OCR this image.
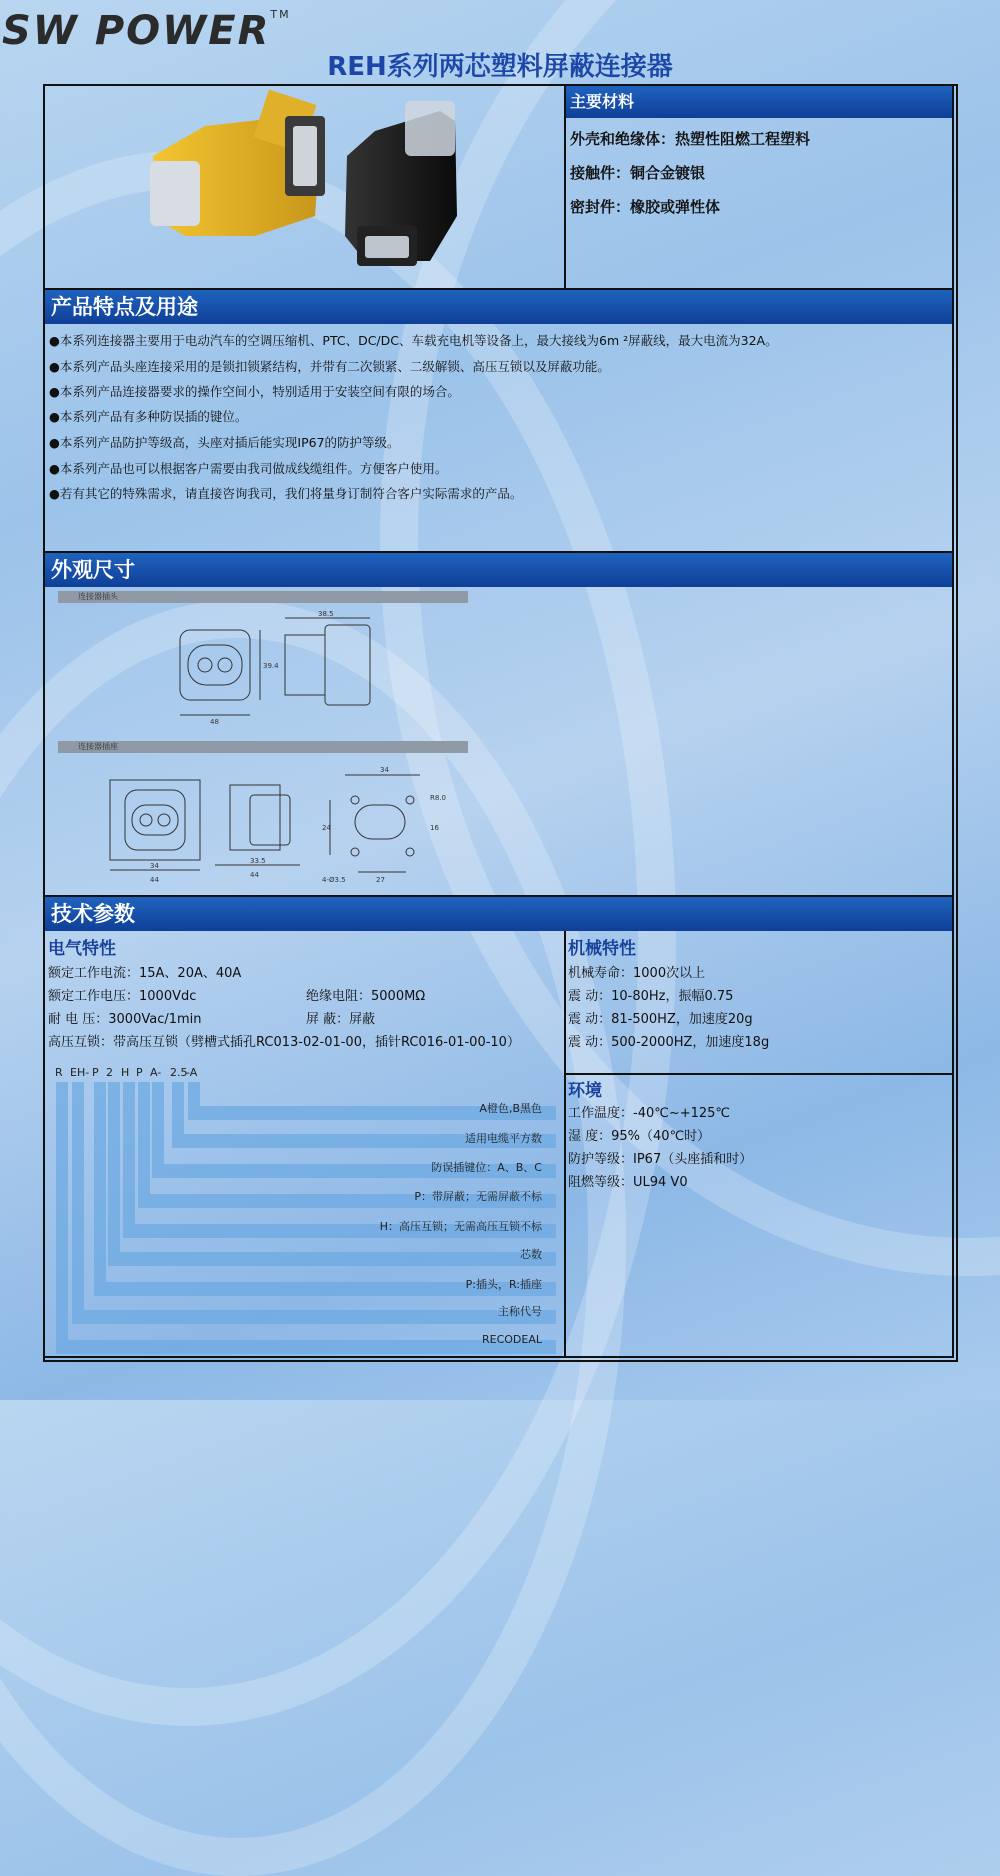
SW POWER™
REH系列两芯塑料屏蔽连接器
主要材料
外壳和绝缘体：热塑性阻燃工程塑料
接触件：铜合金镀银
密封件：橡胶或弹性体
产品特点及用途
●本系列连接器主要用于电动汽车的空调压缩机、PTC、DC/DC、车载充电机等设备上，最大接线为6m ²屏蔽线，最大电流为32A。
●本系列产品头座连接采用的是锁扣锁紧结构，并带有二次锁紧、二级解锁、高压互锁以及屏蔽功能。
●本系列产品连接器要求的操作空间小，特别适用于安装空间有限的场合。
●本系列产品有多种防误插的键位。
●本系列产品防护等级高，头座对插后能实现IP67的防护等级。
●本系列产品也可以根据客户需要由我司做成线缆组件。方便客户使用。
●若有其它的特殊需求，请直接咨询我司，我们将量身订制符合客户实际需求的产品。
外观尺寸
连接器插头
连接器插座
38.5
39.4
48
34
R8.0
24	16
27
4-Ø3.5
34
44
33.5
44
技术参数
电气特性
额定工作电流：15A、20A、40A
额定工作电压：1000Vdc	绝缘电阻：5000MΩ
耐 电 压：3000Vac/1min	屏 蔽：屏蔽
高压互锁：带高压互锁（劈槽式插孔RC013-02-01-00，插针RC016-01-00-10）
机械特性
机械寿命：1000次以上
震 动：10-80Hz，振幅0.75
震 动：81-500HZ，加速度20g
震 动：500-2000HZ，加速度18g
环境
工作温度：-40℃~+125℃
湿 度：95%（40℃时）
防护等级：IP67（头座插和时）
阻燃等级：UL94 V0
R EH- P 2 H P A- 2.5
-A
A橙色,B黑色
适用电缆平方数
防误插键位：A、B、C
P：带屏蔽；无需屏蔽不标
H：高压互锁；无需高压互锁不标
芯数
P:插头，R:插座
主称代号
RECODEAL
